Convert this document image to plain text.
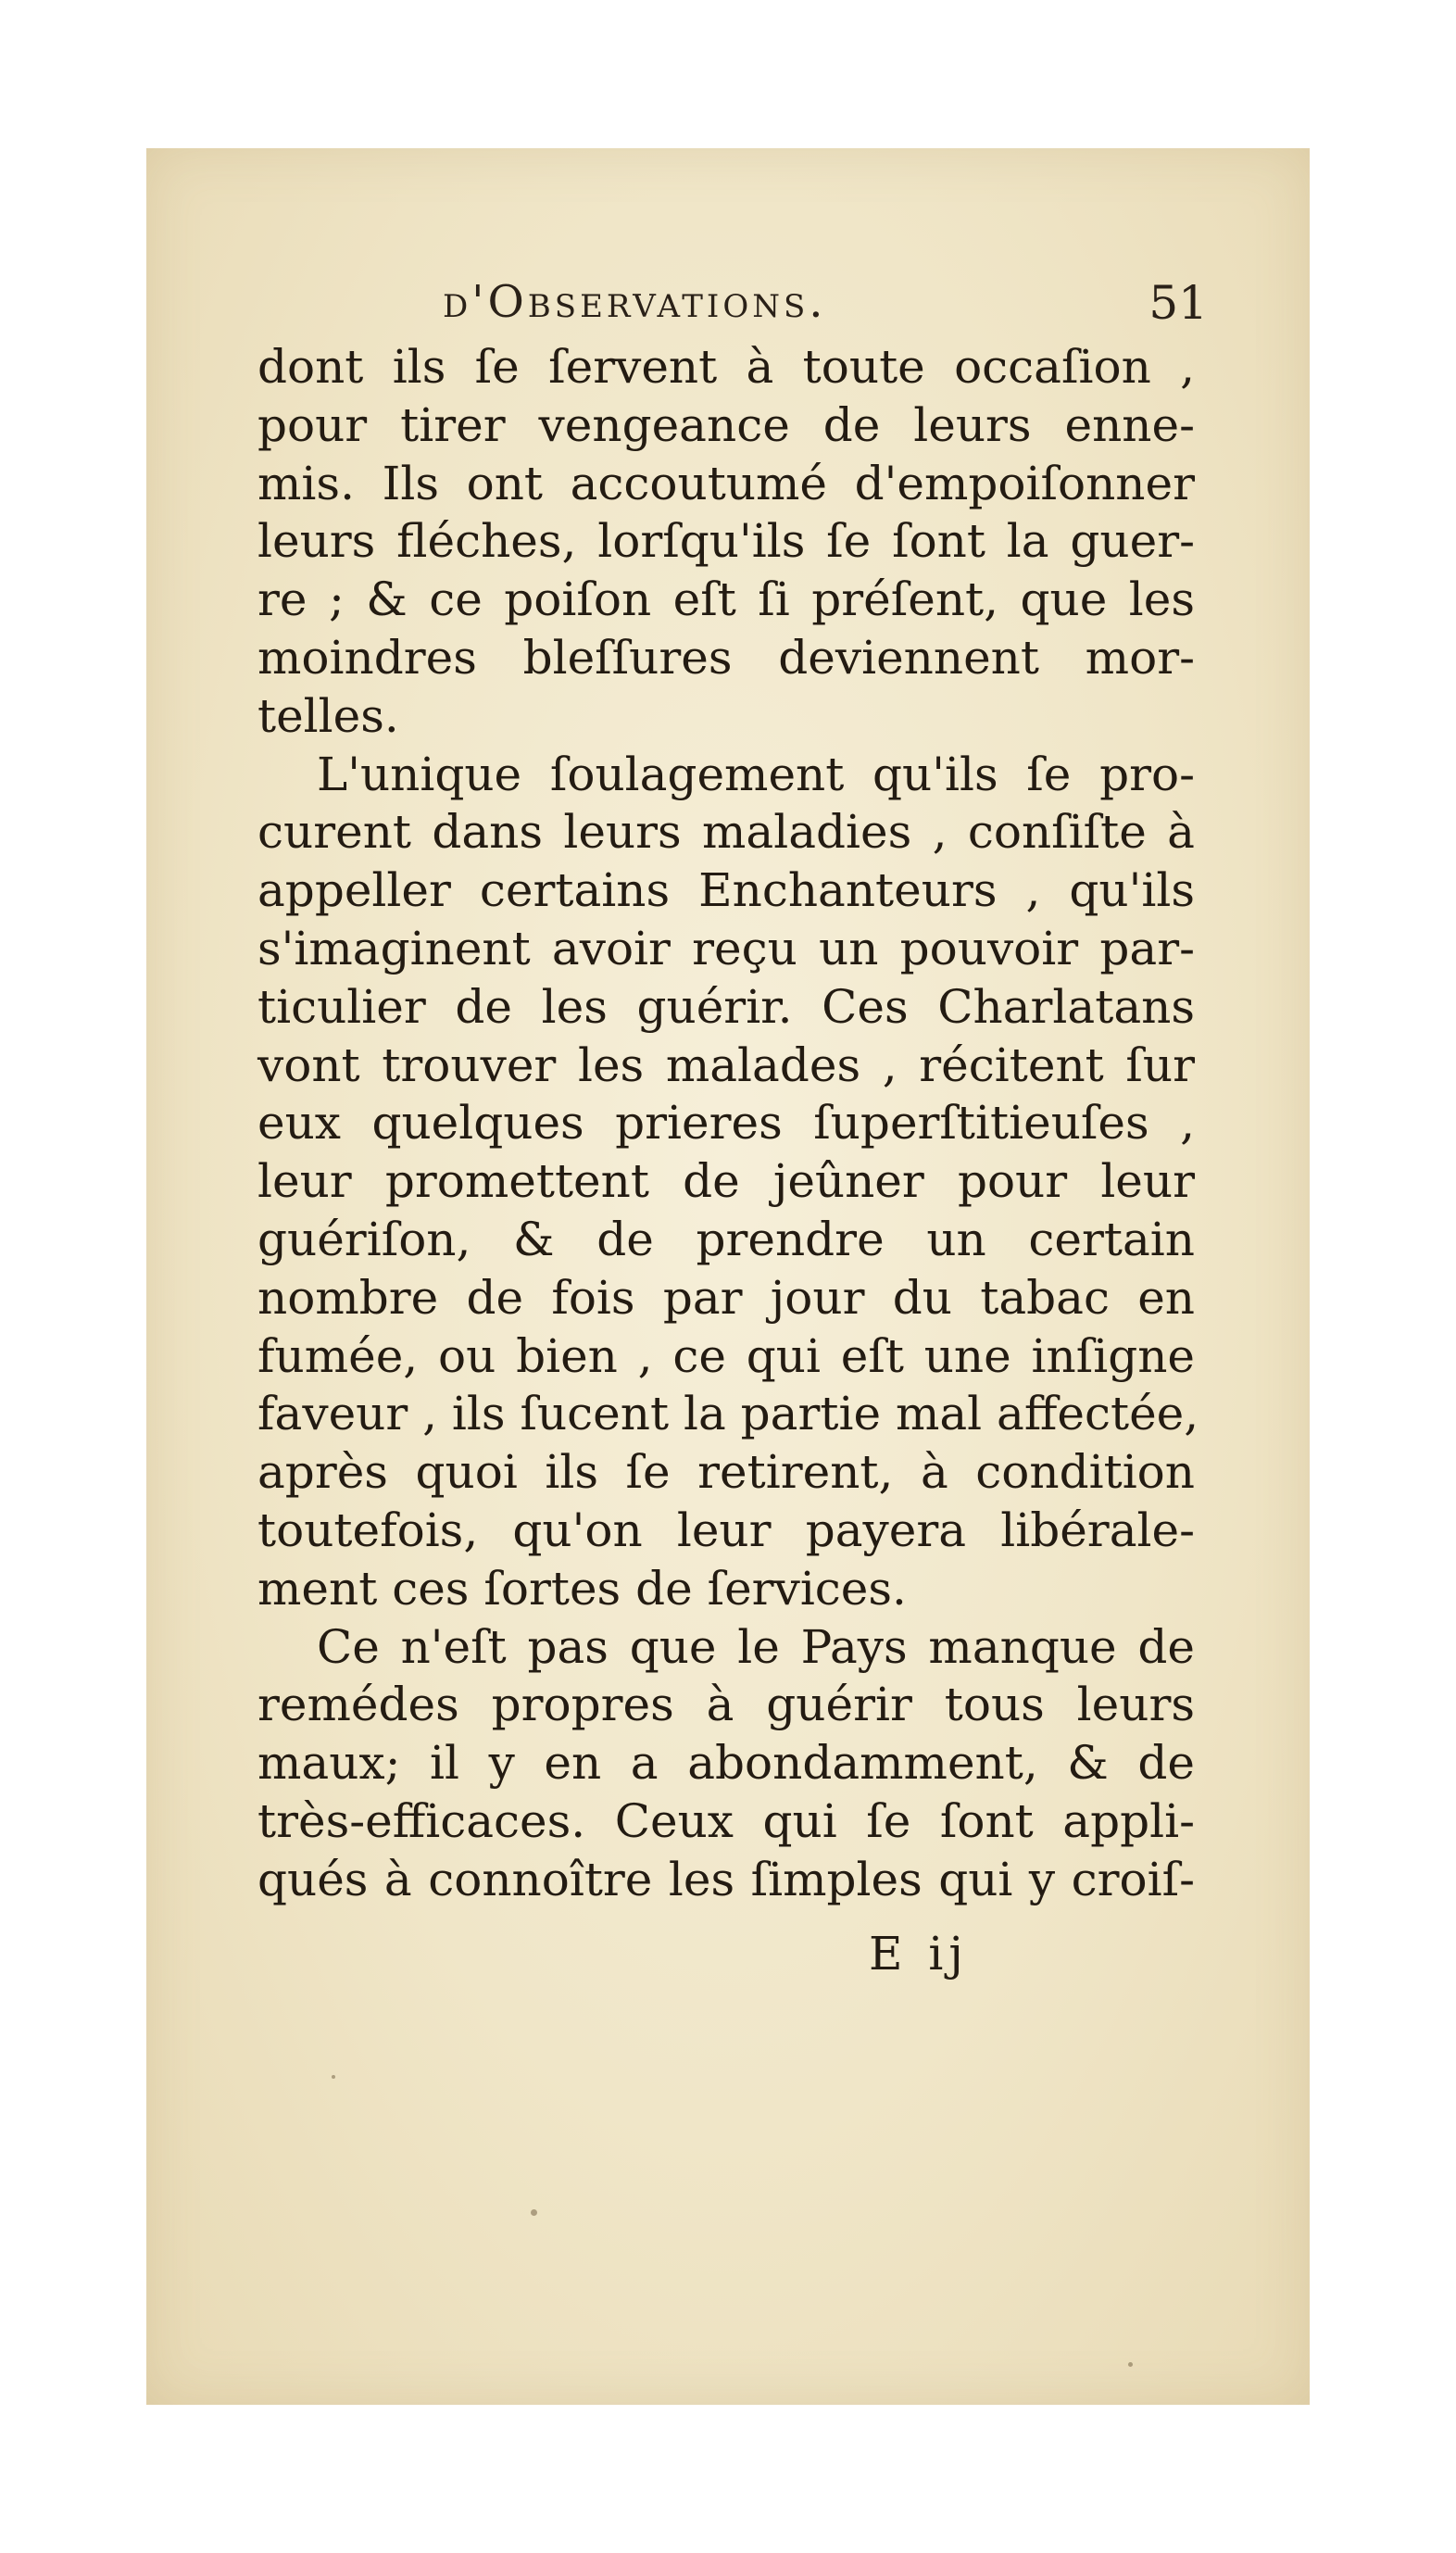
d'Observations.	51
dont ils ſe ſervent à toute occaſion ,
pour tirer vengeance de leurs enne-
mis. Ils ont accoutumé d'empoiſonner
leurs fléches, lorſqu'ils ſe ſont la guer-
re ; & ce poiſon eſt ſi préſent, que les
moindres bleſſures deviennent mor-
telles.
L'unique ſoulagement qu'ils ſe pro-
curent dans leurs maladies , conſiſte à
appeller certains Enchanteurs , qu'ils
s'imaginent avoir reçu un pouvoir par-
ticulier de les guérir. Ces Charlatans
vont trouver les malades , récitent ſur
eux quelques prieres ſuperſtitieuſes ,
leur promettent de jeûner pour leur
guériſon, & de prendre un certain
nombre de fois par jour du tabac en
fumée, ou bien , ce qui eſt une inſigne
faveur , ils ſucent la partie mal affectée,
après quoi ils ſe retirent, à condition
toutefois, qu'on leur payera libérale-
ment ces ſortes de ſervices.
Ce n'eſt pas que le Pays manque de
remédes propres à guérir tous leurs
maux; il y en a abondamment, & de
très-efficaces. Ceux qui ſe ſont appli-
qués à connoître les ſimples qui y croiſ-
E ij
